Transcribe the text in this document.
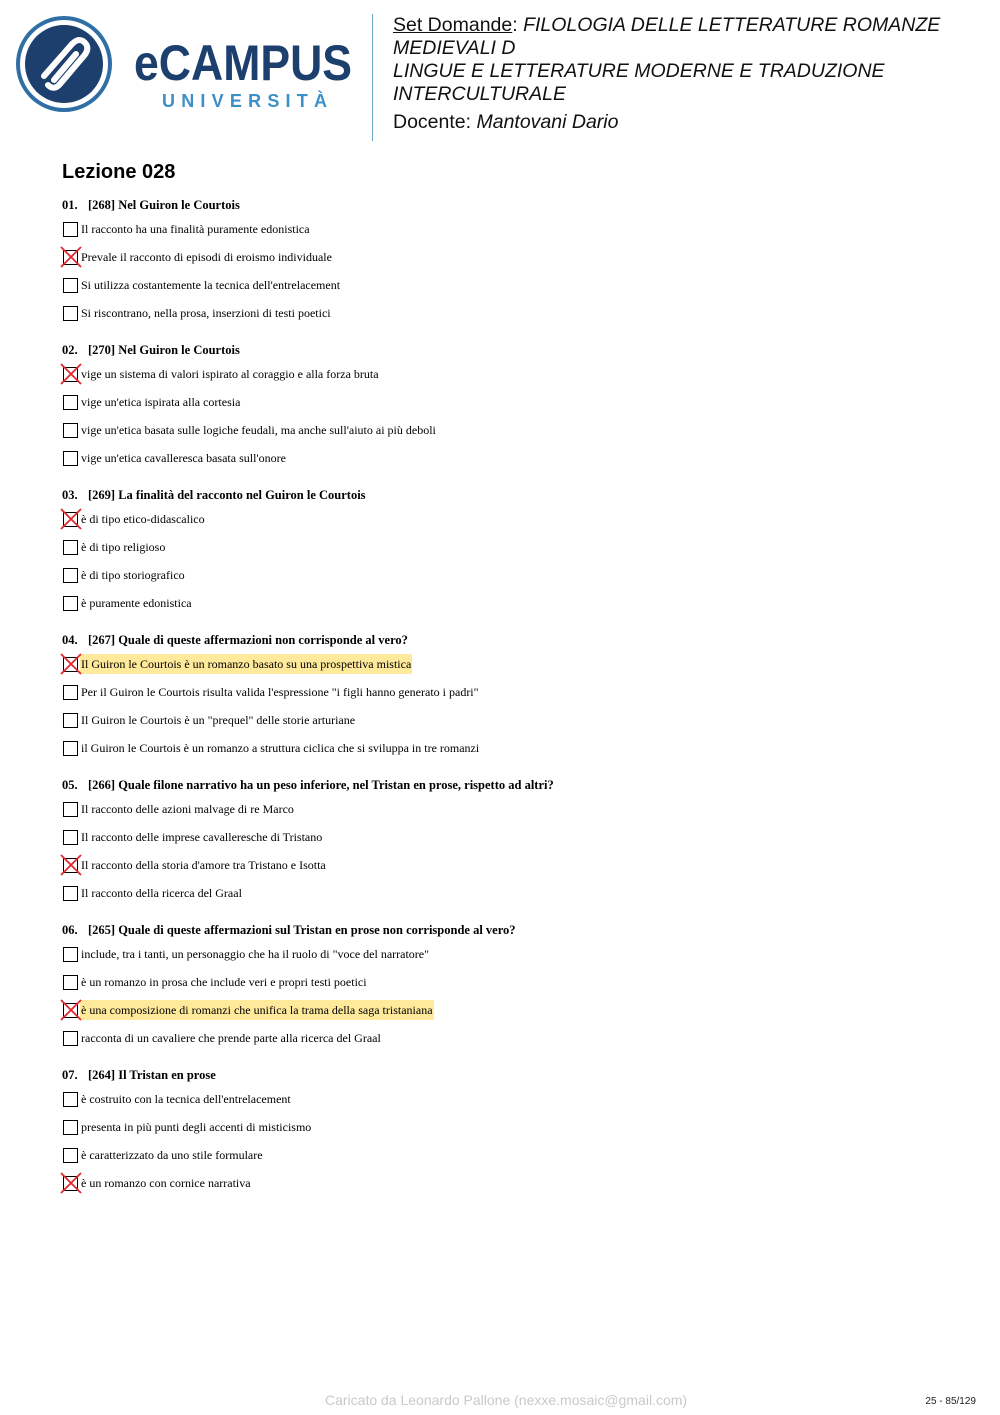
eCAMPUS
UNIVERSITÀ

Set Domande: FILOLOGIA DELLE LETTERATURE ROMANZE MEDIEVALI D

LINGUE E LETTERATURE MODERNE E TRADUZIONE INTERCULTURALE

Docente: Mantovani Dario

Lezione 028
01. [268] Nel Guiron le Courtois
Il racconto ha una finalità puramente edonistica
Prevale il racconto di episodi di eroismo individuale
Si utilizza costantemente la tecnica dell'entrelacement
Si riscontrano, nella prosa, inserzioni di testi poetici
02. [270] Nel Guiron le Courtois
vige un sistema di valori ispirato al coraggio e alla forza bruta
vige un'etica ispirata alla cortesia
vige un'etica basata sulle logiche feudali, ma anche sull'aiuto ai più deboli
vige un'etica cavalleresca basata sull'onore
03. [269] La finalità del racconto nel Guiron le Courtois
è di tipo etico-didascalico
è di tipo religioso
è di tipo storiografico
è puramente edonistica
04. [267] Quale di queste affermazioni non corrisponde al vero?
Il Guiron le Courtois è un romanzo basato su una prospettiva mistica
Per il Guiron le Courtois risulta valida l'espressione "i figli hanno generato i padri"
Il Guiron le Courtois è un "prequel" delle storie arturiane
il Guiron le Courtois è un romanzo a struttura ciclica che si sviluppa in tre romanzi
05. [266] Quale filone narrativo ha un peso inferiore, nel Tristan en prose, rispetto ad altri?
Il racconto delle azioni malvage di re Marco
Il racconto delle imprese cavalleresche di Tristano
Il racconto della storia d'amore tra Tristano e Isotta
Il racconto della ricerca del Graal
06. [265] Quale di queste affermazioni sul Tristan en prose non corrisponde al vero?
include, tra i tanti, un personaggio che ha il ruolo di "voce del narratore"
è un romanzo in prosa che include veri e propri testi poetici
è una composizione di romanzi che unifica la trama della saga tristaniana
racconta di un cavaliere che prende parte alla ricerca del Graal
07. [264] Il Tristan en prose
è costruito con la tecnica dell'entrelacement
presenta in più punti degli accenti di misticismo
è caratterizzato da uno stile formulare
è un romanzo con cornice narrativa
Caricato da Leonardo Pallone (nexxe.mosaic@gmail.com)	25 - 85/129
